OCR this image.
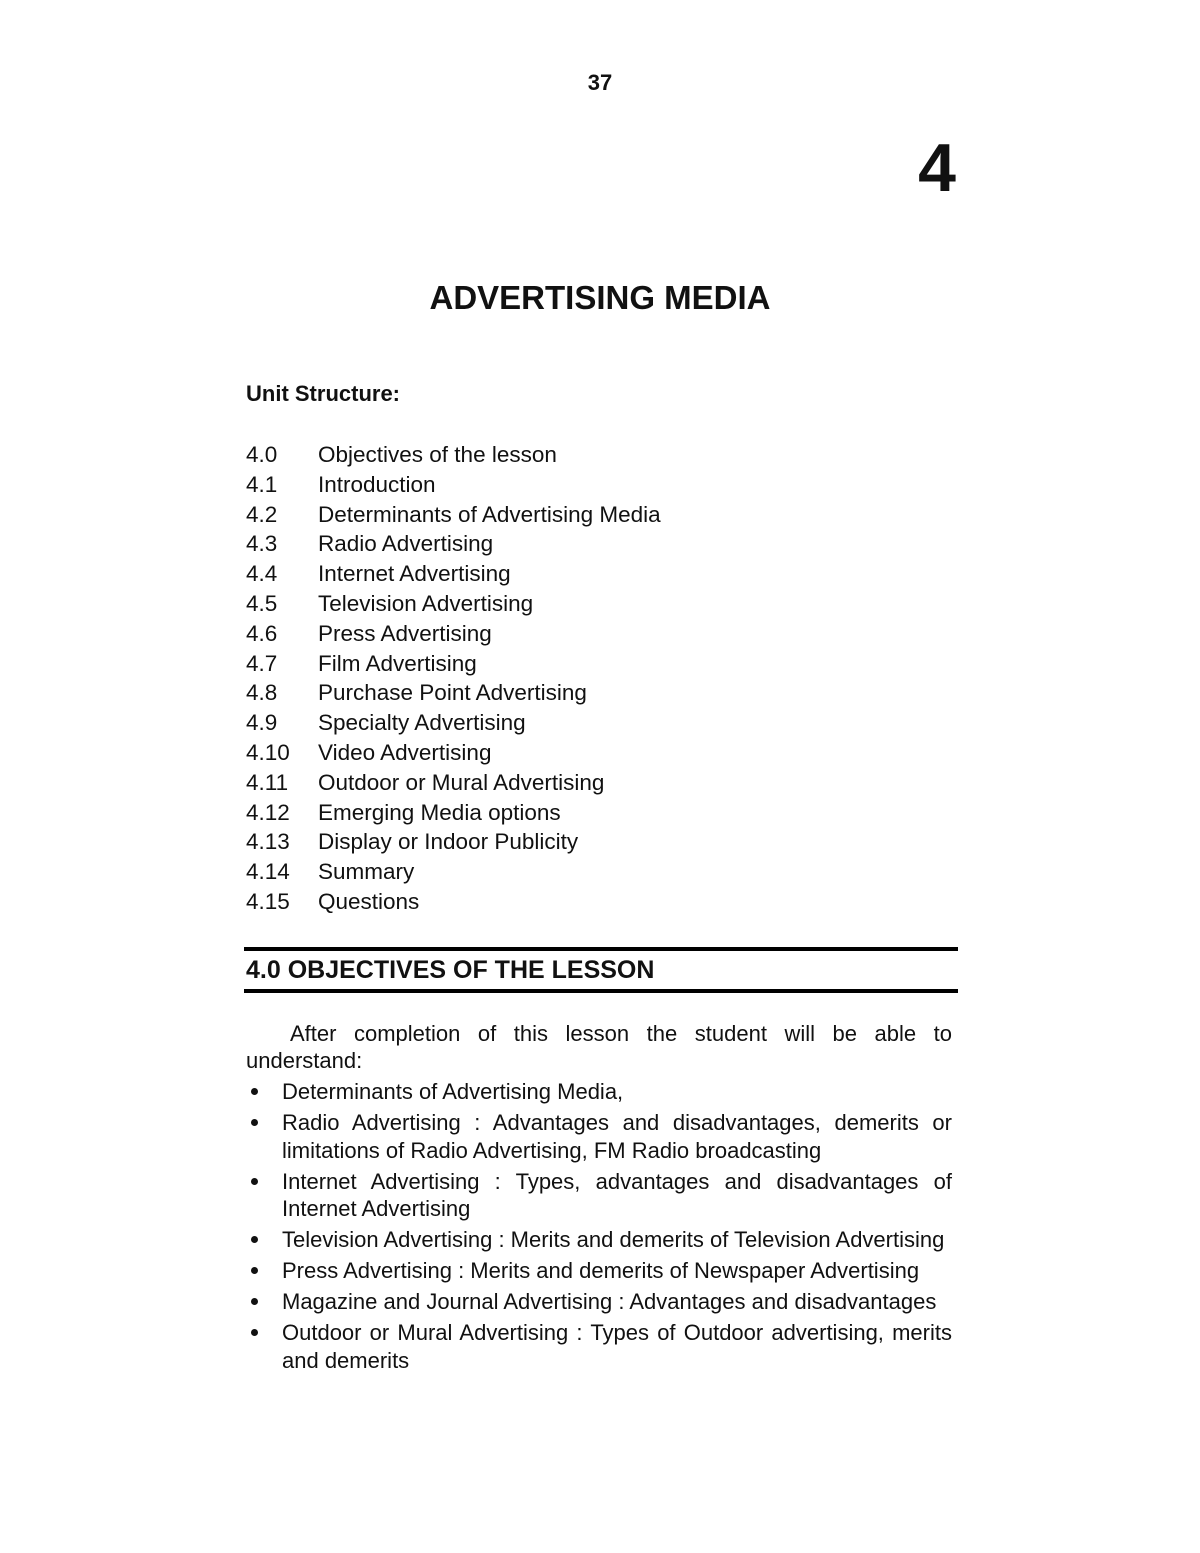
37
4
ADVERTISING MEDIA
Unit Structure:
4.0 Objectives of the lesson
4.1 Introduction
4.2 Determinants of Advertising Media
4.3 Radio Advertising
4.4 Internet Advertising
4.5 Television Advertising
4.6 Press Advertising
4.7 Film Advertising
4.8 Purchase Point Advertising
4.9 Specialty Advertising
4.10 Video Advertising
4.11 Outdoor or Mural Advertising
4.12 Emerging Media options
4.13 Display or Indoor Publicity
4.14 Summary
4.15 Questions
4.0 OBJECTIVES OF THE LESSON

After completion of this lesson the student will be able to understand:

Determinants of Advertising Media,
Radio Advertising : Advantages and disadvantages, demerits or limitations of Radio Advertising, FM Radio broadcasting
Internet Advertising : Types, advantages and disadvantages of Internet Advertising
Television Advertising : Merits and demerits of Television Advertising
Press Advertising : Merits and demerits of Newspaper Advertising
Magazine and Journal Advertising : Advantages and disadvantages
Outdoor or Mural Advertising : Types of Outdoor advertising, merits and demerits
